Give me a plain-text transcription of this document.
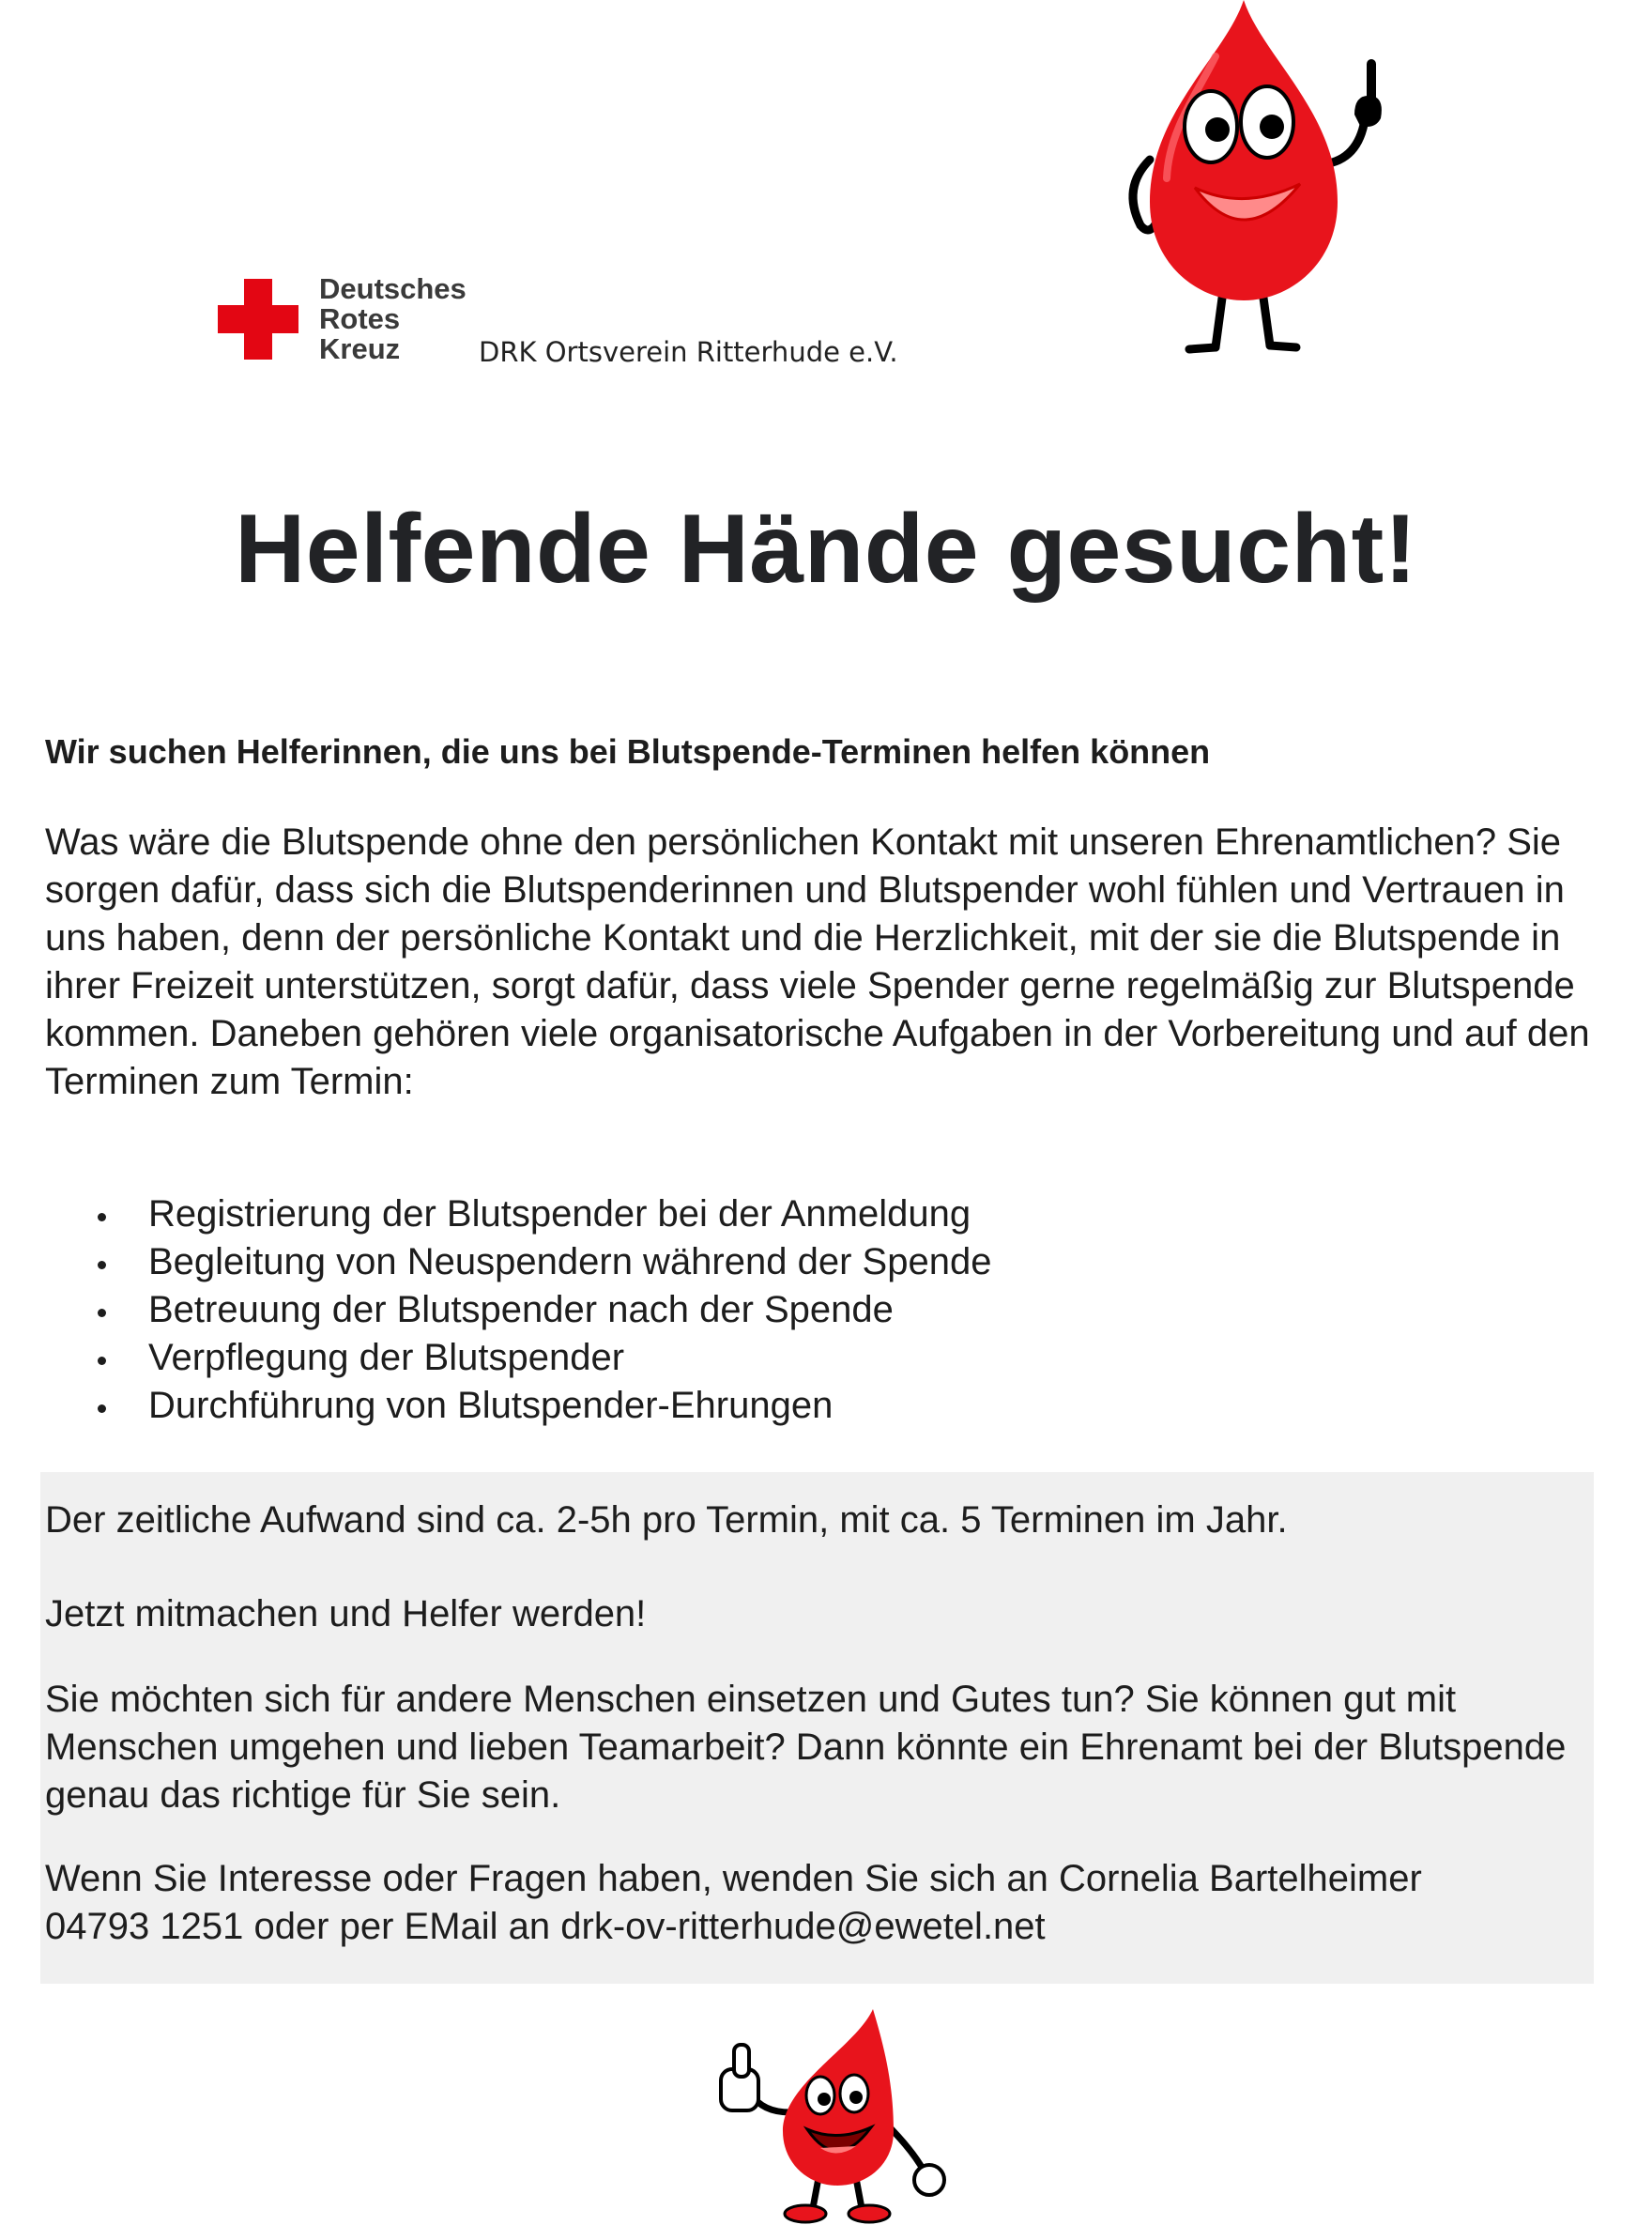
Deutsches
Rotes
Kreuz	DRK Ortsverein Ritterhude e.V.
Helfende Hände gesucht!
Wir suchen Helferinnen, die uns bei Blutspende-Terminen helfen können

Was wäre die Blutspende ohne den persönlichen Kontakt mit unseren Ehrenamtlichen? Sie sorgen dafür, dass sich die Blutspenderinnen und Blutspender wohl fühlen und Vertrauen in uns haben, denn der persönliche Kontakt und die Herzlichkeit, mit der sie die Blutspende in ihrer Freizeit unterstützen, sorgt dafür, dass viele Spender gerne regelmäßig zur Blutspende kommen. Daneben gehören viele organisatorische Aufgaben in der Vorbereitung und auf den Terminen zum Termin:

Registrierung der Blutspender bei der Anmeldung
Begleitung von Neuspendern während der Spende
Betreuung der Blutspender nach der Spende
Verpflegung der Blutspender
Durchführung von Blutspender-Ehrungen

Der zeitliche Aufwand sind ca. 2-5h pro Termin, mit ca. 5 Terminen im Jahr.

Jetzt mitmachen und Helfer werden!

Sie möchten sich für andere Menschen einsetzen und Gutes tun? Sie können gut mit Menschen umgehen und lieben Teamarbeit? Dann könnte ein Ehrenamt bei der Blutspende genau das richtige für Sie sein.

Wenn Sie Interesse oder Fragen haben, wenden Sie sich an Cornelia Bartelheimer

04793 1251 oder per EMail an drk-ov-ritterhude@ewetel.net
